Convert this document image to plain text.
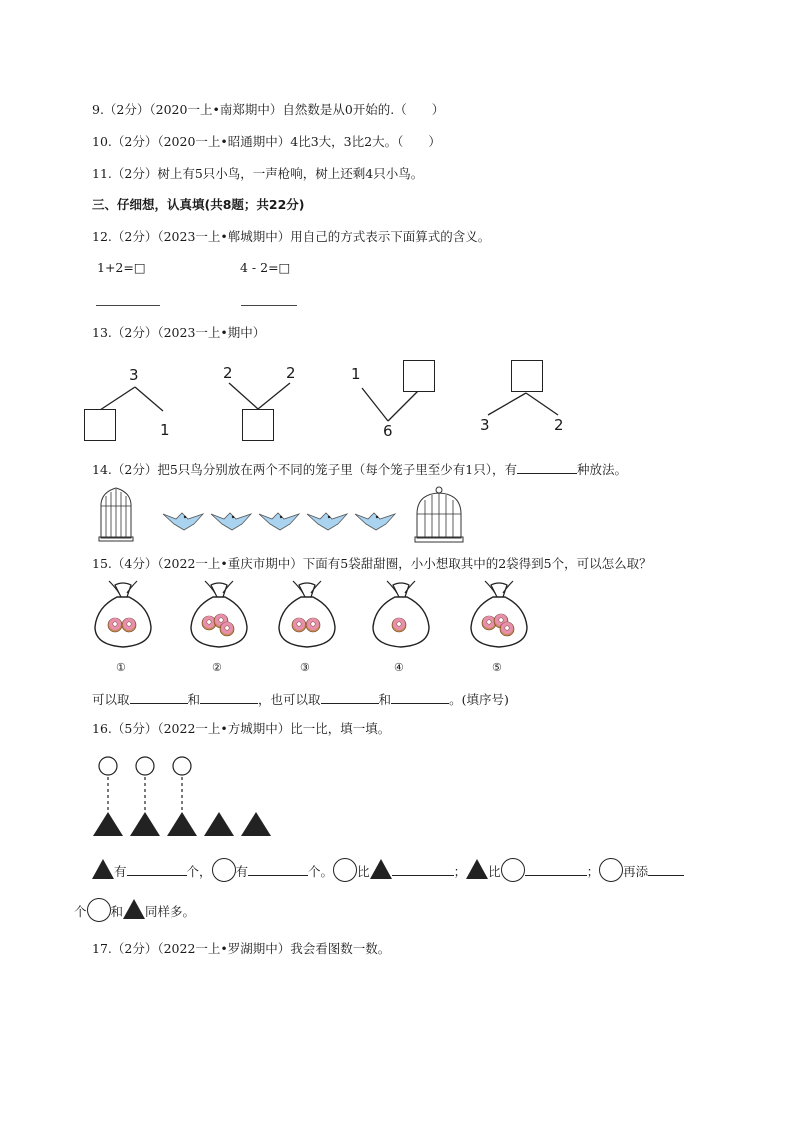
9.（2分）（2020一上•南郑期中）自然数是从0开始的.（　　）
10.（2分）（2020一上•昭通期中）4比3大，3比2大。（　　）
11.（2分）树上有5只小鸟，一声枪响，树上还剩4只小鸟。
三、仔细想，认真填(共8题；共22分)
12.（2分）（2023一上•郸城期中）用自己的方式表示下面算式的含义。
1+2=□	4 - 2=□
13.（2分）（2023一上•期中）
3
1
2	2	1
6	3	2
14.（2分）把5只鸟分别放在两个不同的笼子里（每个笼子里至少有1只），有	种放法。
15.（4分）（2022一上•重庆市期中）下面有5袋甜甜圈，小小想取其中的2袋得到5个，可以怎么取？
①	②	③	④	⑤
可以取	和	，也可以取	和	。(填序号)
16.（5分）（2022一上•方城期中）比一比，填一填。
有	个， 有	个。 比	； 比	； 再添
个 和 同样多。
17.（2分）（2022一上•罗湖期中）我会看图数一数。
